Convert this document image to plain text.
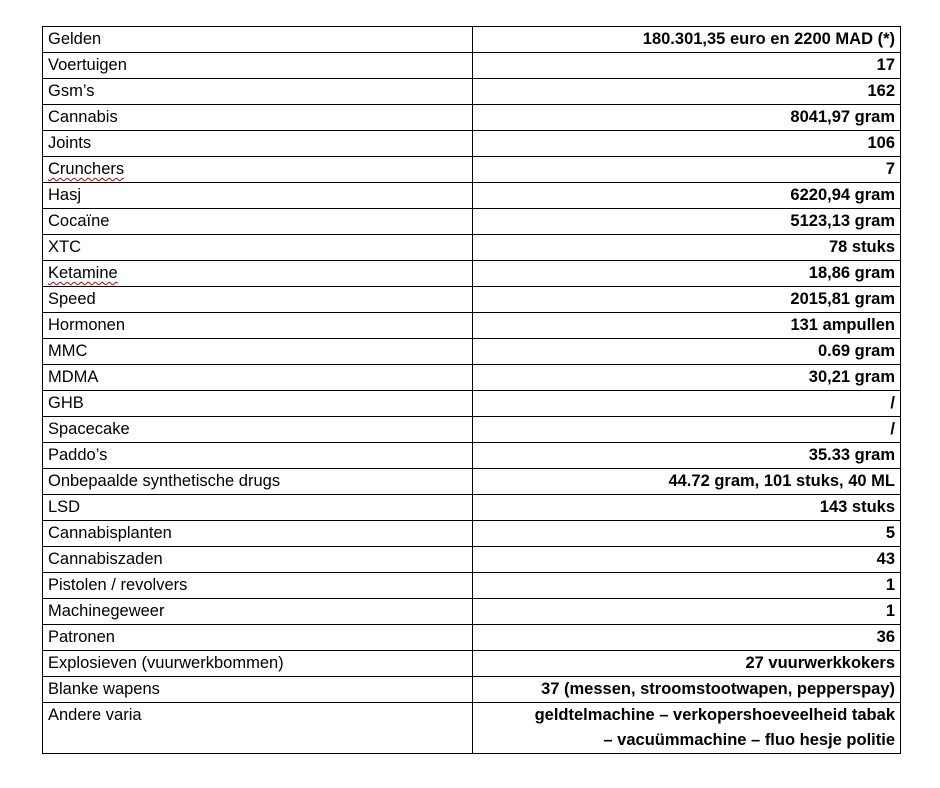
Gelden	180.301,35 euro en 2200 MAD (*)
Voertuigen	17
Gsm’s	162
Cannabis	8041,97 gram
Joints	106
Crunchers	7
Hasj	6220,94 gram
Cocaïne	5123,13 gram
XTC	78 stuks
Ketamine	18,86 gram
Speed	2015,81 gram
Hormonen	131 ampullen
MMC	0.69 gram
MDMA	30,21 gram
GHB	/
Spacecake	/
Paddo’s	35.33 gram
Onbepaalde synthetische drugs	44.72 gram, 101 stuks, 40 ML
LSD	143 stuks
Cannabisplanten	5
Cannabiszaden	43
Pistolen / revolvers	1
Machinegeweer	1
Patronen	36
Explosieven (vuurwerkbommen)	27 vuurwerkkokers
Blanke wapens	37 (messen, stroomstootwapen, pepperspay)
Andere varia	geldtelmachine – verkopershoeveelheid tabak
– vacuümmachine – fluo hesje politie
